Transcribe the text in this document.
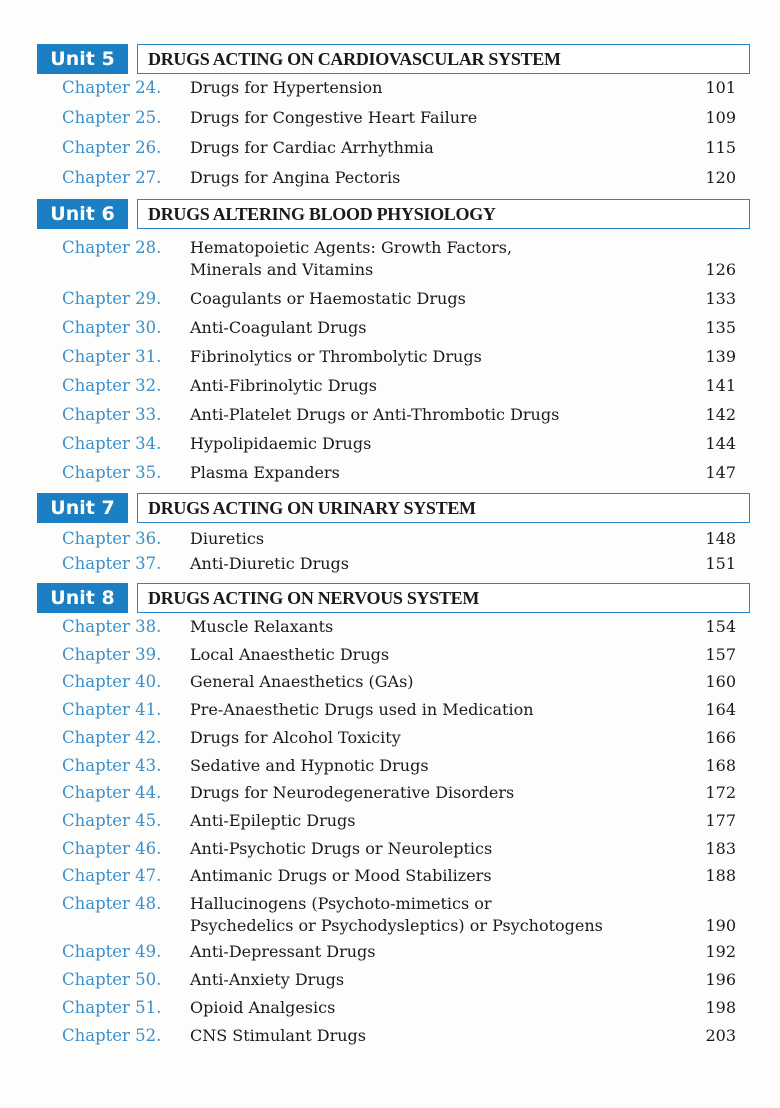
Unit 5	DRUGS ACTING ON CARDIOVASCULAR SYSTEM
Chapter 24. Drugs for Hypertension	101
Chapter 25. Drugs for Congestive Heart Failure	109
Chapter 26. Drugs for Cardiac Arrhythmia	115
Chapter 27. Drugs for Angina Pectoris	120
Unit 6	DRUGS ALTERING BLOOD PHYSIOLOGY
Chapter 28. Hematopoietic Agents: Growth Factors,
Minerals and Vitamins	126
Chapter 29. Coagulants or Haemostatic Drugs	133
Chapter 30. Anti-Coagulant Drugs	135
Chapter 31. Fibrinolytics or Thrombolytic Drugs	139
Chapter 32. Anti-Fibrinolytic Drugs	141
Chapter 33. Anti-Platelet Drugs or Anti-Thrombotic Drugs	142
Chapter 34. Hypolipidaemic Drugs	144
Chapter 35. Plasma Expanders	147
Unit 7	DRUGS ACTING ON URINARY SYSTEM
Chapter 36. Diuretics	148
Chapter 37. Anti-Diuretic Drugs	151
Unit 8	DRUGS ACTING ON NERVOUS SYSTEM
Chapter 38. Muscle Relaxants	154
Chapter 39. Local Anaesthetic Drugs	157
Chapter 40. General Anaesthetics (GAs)	160
Chapter 41. Pre-Anaesthetic Drugs used in Medication	164
Chapter 42. Drugs for Alcohol Toxicity	166
Chapter 43. Sedative and Hypnotic Drugs	168
Chapter 44. Drugs for Neurodegenerative Disorders	172
Chapter 45. Anti-Epileptic Drugs	177
Chapter 46. Anti-Psychotic Drugs or Neuroleptics	183
Chapter 47. Antimanic Drugs or Mood Stabilizers	188
Chapter 48. Hallucinogens (Psychoto-mimetics or
Psychedelics or Psychodysleptics) or Psychotogens	190
Chapter 49. Anti-Depressant Drugs	192
Chapter 50. Anti-Anxiety Drugs	196
Chapter 51. Opioid Analgesics	198
Chapter 52. CNS Stimulant Drugs	203
